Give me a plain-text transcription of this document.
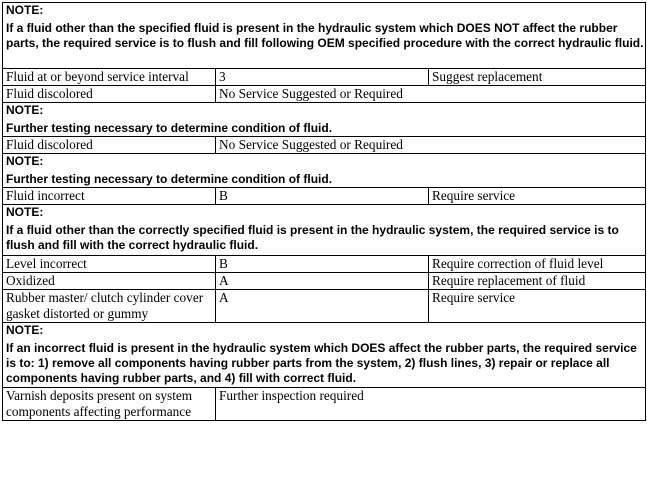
NOTE:
If a fluid other than the specified fluid is present in the hydraulic system which DOES NOT affect the rubber parts, the required service is to flush and fill following OEM specified procedure with the correct hydraulic fluid.		

Fluid at or beyond service interval	3	Suggest replacement
Fluid discolored	No Service Suggested or Required	

NOTE:
Further testing necessary to determine condition of fluid.		

Fluid discolored	No Service Suggested or Required	

NOTE:
Further testing necessary to determine condition of fluid.		

Fluid incorrect	B	Require service

NOTE:
If a fluid other than the correctly specified fluid is present in the hydraulic system, the required service is to flush and fill with the correct hydraulic fluid.		

Level incorrect	B	Require correction of fluid level
Oxidized	A	Require replacement of fluid
Rubber master/ clutch cylinder cover gasket distorted or gummy	A	Require service

NOTE:
If an incorrect fluid is present in the hydraulic system which DOES affect the rubber parts, the required service is to: 1) remove all components having rubber parts from the system, 2) flush lines, 3) repair or replace all components having rubber parts, and 4) fill with correct fluid.		

Varnish deposits present on system components affecting performance	Further inspection required	
